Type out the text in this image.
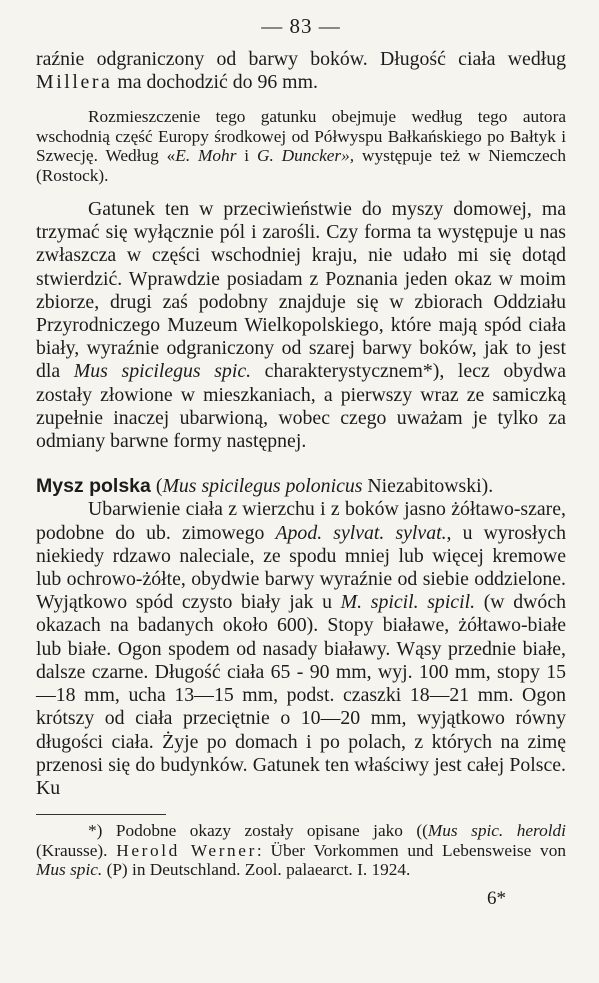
— 83 —

raźnie odgraniczony od barwy boków. Długość ciała według Millera ma dochodzić do 96 mm.

Rozmieszczenie tego gatunku obejmuje według tego autora wschodnią część Europy środkowej od Półwyspu Bałkańskiego po Bałtyk i Szwecję. Według «E. Mohr i G. Duncker», występuje też w Niemczech (Rostock).

Gatunek ten w przeciwieństwie do myszy domowej, ma trzymać się wyłącznie pól i zarośli. Czy forma ta występuje u nas zwłaszcza w części wschodniej kraju, nie udało mi się dotąd stwierdzić. Wprawdzie posiadam z Poznania jeden okaz w moim zbiorze, drugi zaś podobny znajduje się w zbiorach Oddziału Przyrodniczego Muzeum Wielkopolskiego, które mają spód ciała biały, wyraźnie odgraniczony od szarej barwy boków, jak to jest dla Mus spicilegus spic. charakterystycznem*), lecz obydwa zostały złowione w mieszkaniach, a pierwszy wraz ze samiczką zupełnie inaczej ubarwioną, wobec czego uważam je tylko za odmiany barwne formy następnej.

Mysz polska (Mus spicilegus polonicus Niezabitowski).

Ubarwienie ciała z wierzchu i z boków jasno żółtawo-szare, podobne do ub. zimowego Apod. sylvat. sylvat., u wyrosłych niekiedy rdzawo nalecialе, ze spodu mniej lub więcej kremowe lub ochrowo-żółte, obydwie barwy wyraźnie od siebie oddzielone. Wyjątkowo spód czysto biały jak u M. spicil. spicil. (w dwóch okazach na badanych około 600). Stopy białawe, żółtawo-białe lub białe. Ogon spodem od nasady białawy. Wąsy przednie białe, dalsze czarne. Długość ciała 65 - 90 mm, wyj. 100 mm, stopy 15—18 mm, ucha 13—15 mm, podst. czaszki 18—21 mm. Ogon krótszy od ciała przeciętnie o 10—20 mm, wyjątkowo równy długości ciała. Żyje po domach i po polach, z których na zimę przenosi się do budynków. Gatunek ten właściwy jest całej Polsce. Ku

*) Podobne okazy zostały opisane jako ((Mus spic. heroldi (Krausse). Herold Werner: Über Vorkommen und Lebensweise von Mus spic. (P) in Deutschland. Zool. palaearct. I. 1924.

6*
